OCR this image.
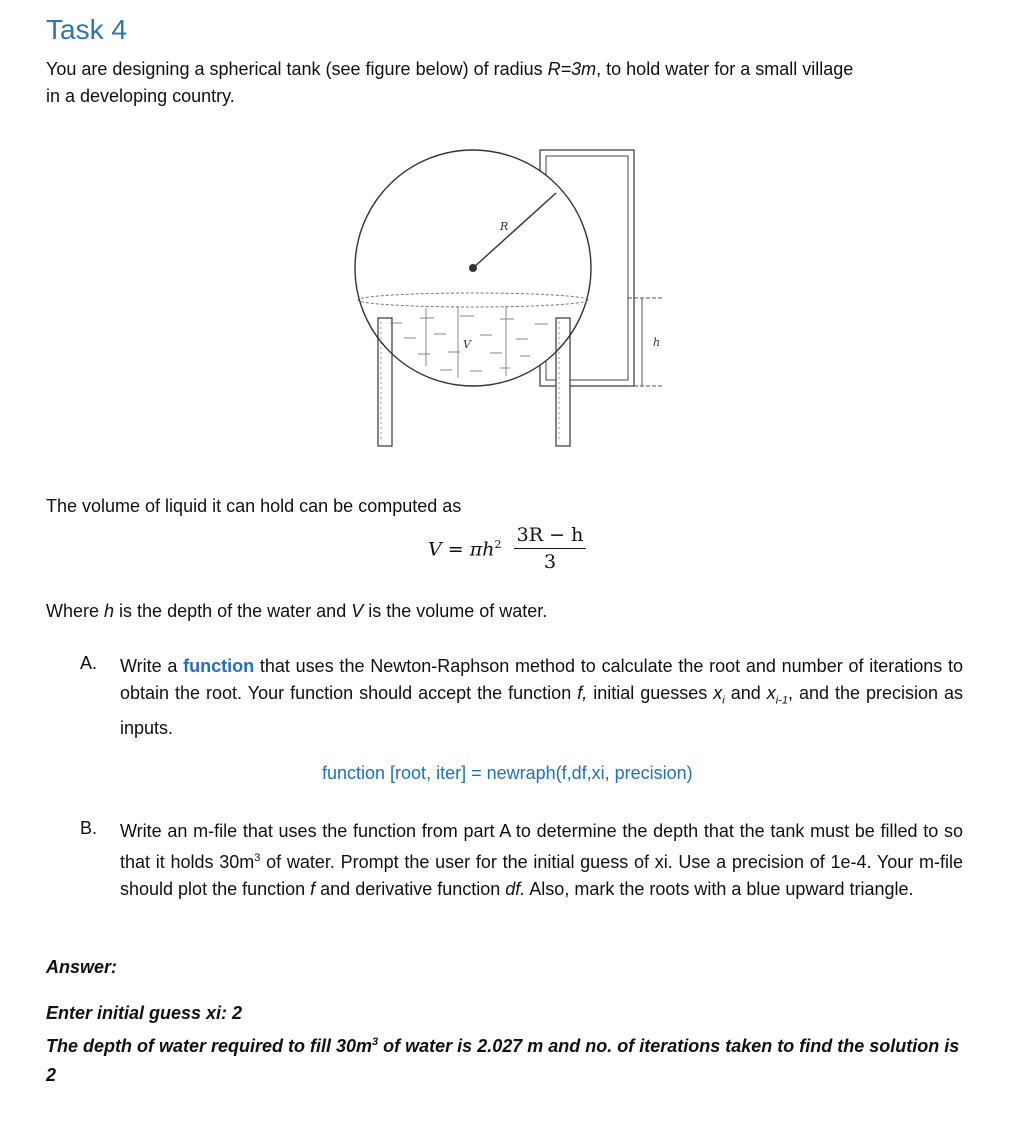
Task 4
You are designing a spherical tank (see figure below) of radius R=3m, to hold water for a small village
in a developing country.
R
V	h
The volume of liquid it can hold can be computed as
$V = \pi h^2 \frac{3R - h}{3}$
Where h is the depth of the water and V is the volume of water.
A. Write a function that uses the Newton-Raphson method to calculate the root and number of iterations to obtain the root. Your function should accept the function f, initial guesses $x_i$ and $x_{i-1}$, and the precision as inputs.
function [root, iter] = newraph(f,df,xi, precision)
B. Write an m-file that uses the function from part A to determine the depth that the tank must be filled to so that it holds $30m^3$ of water. Prompt the user for the initial guess of xi. Use a precision of 1e-4. Your m-file should plot the function f and derivative function df. Also, mark the roots with a blue upward triangle.
Answer:
Enter initial guess xi: 2
The depth of water required to fill $30m^3$ of water is 2.027 m and no. of iterations taken to find the solution is 2
